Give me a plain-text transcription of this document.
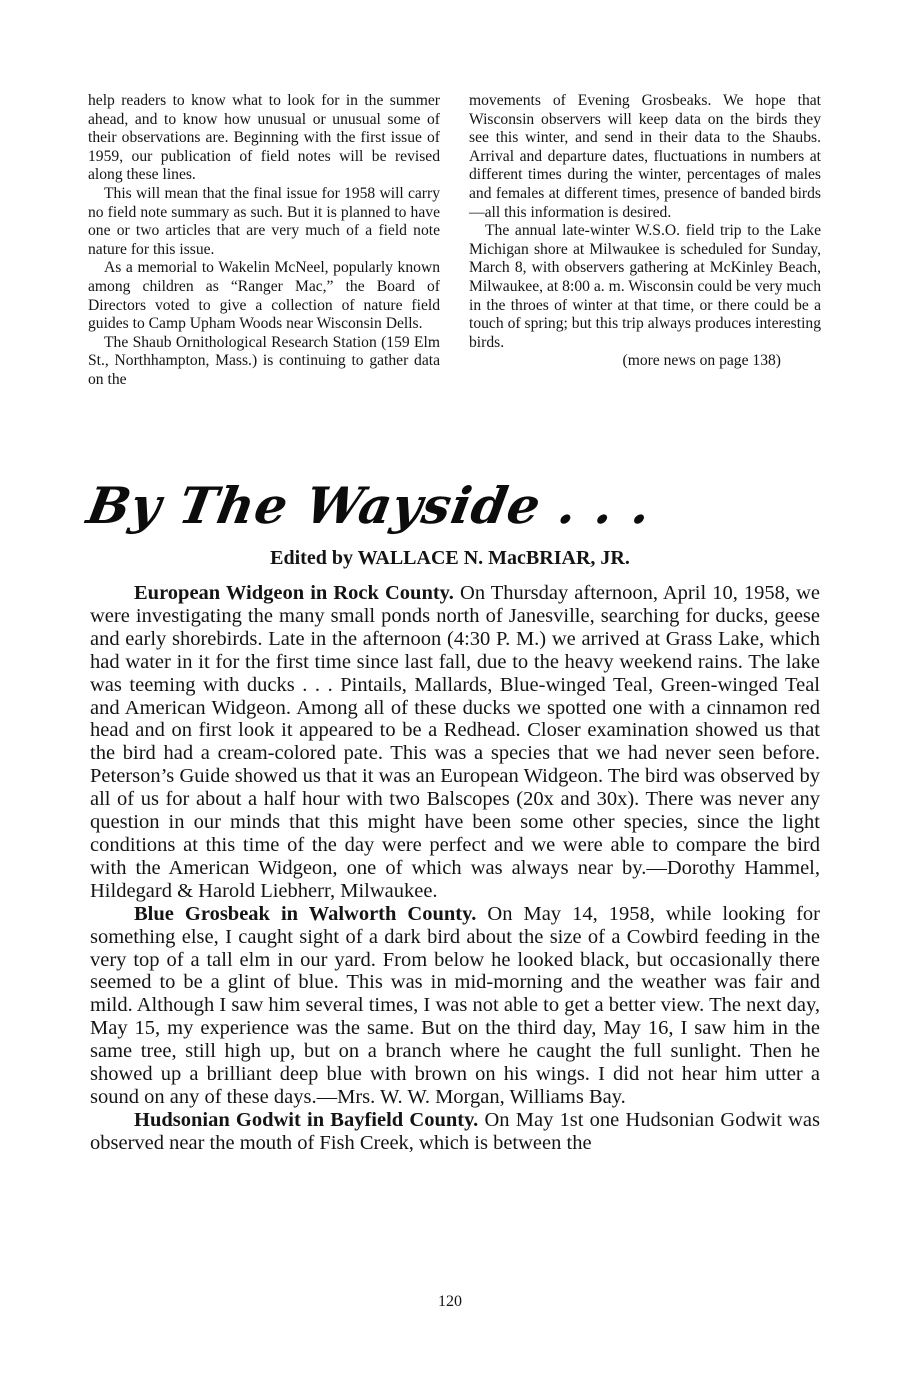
help readers to know what to look for in the summer ahead, and to know how unusual or unusual some of their observations are. Beginning with the first issue of 1959, our publication of field notes will be revised along these lines.

This will mean that the final issue for 1958 will carry no field note summary as such. But it is planned to have one or two articles that are very much of a field note nature for this issue.

As a memorial to Wakelin McNeel, popularly known among children as “Ranger Mac,” the Board of Directors voted to give a collection of nature field guides to Camp Upham Woods near Wisconsin Dells.

The Shaub Ornithological Research Station (159 Elm St., Northhampton, Mass.) is continuing to gather data on the

movements of Evening Grosbeaks. We hope that Wisconsin observers will keep data on the birds they see this winter, and send in their data to the Shaubs. Arrival and departure dates, fluctuations in numbers at different times during the winter, percentages of males and females at different times, presence of banded birds—all this information is desired.

The annual late-winter W.S.O. field trip to the Lake Michigan shore at Milwaukee is scheduled for Sunday, March 8, with observers gathering at McKinley Beach, Milwaukee, at 8:00 a. m. Wisconsin could be very much in the throes of winter at that time, or there could be a touch of spring; but this trip always produces interesting birds.

(more news on page 138)
By The Wayside . . .
Edited by WALLACE N. MacBRIAR, JR.

European Widgeon in Rock County. On Thursday afternoon, April 10, 1958, we were investigating the many small ponds north of Janesville, searching for ducks, geese and early shorebirds. Late in the afternoon (4:30 P. M.) we arrived at Grass Lake, which had water in it for the first time since last fall, due to the heavy weekend rains. The lake was teeming with ducks . . . Pintails, Mallards, Blue-winged Teal, Green-winged Teal and American Widgeon. Among all of these ducks we spotted one with a cinnamon red head and on first look it appeared to be a Redhead. Closer examination showed us that the bird had a cream-colored pate. This was a species that we had never seen before. Peterson’s Guide showed us that it was an European Widgeon. The bird was observed by all of us for about a half hour with two Balscopes (20x and 30x). There was never any question in our minds that this might have been some other species, since the light conditions at this time of the day were perfect and we were able to compare the bird with the American Widgeon, one of which was always near by.—Dorothy Hammel, Hildegard & Harold Liebherr, Milwaukee.

Blue Grosbeak in Walworth County. On May 14, 1958, while looking for something else, I caught sight of a dark bird about the size of a Cowbird feeding in the very top of a tall elm in our yard. From below he looked black, but occasionally there seemed to be a glint of blue. This was in mid-morning and the weather was fair and mild. Although I saw him several times, I was not able to get a better view. The next day, May 15, my experience was the same. But on the third day, May 16, I saw him in the same tree, still high up, but on a branch where he caught the full sunlight. Then he showed up a brilliant deep blue with brown on his wings. I did not hear him utter a sound on any of these days.—Mrs. W. W. Morgan, Williams Bay.

Hudsonian Godwit in Bayfield County. On May 1st one Hudsonian Godwit was observed near the mouth of Fish Creek, which is between the

120
